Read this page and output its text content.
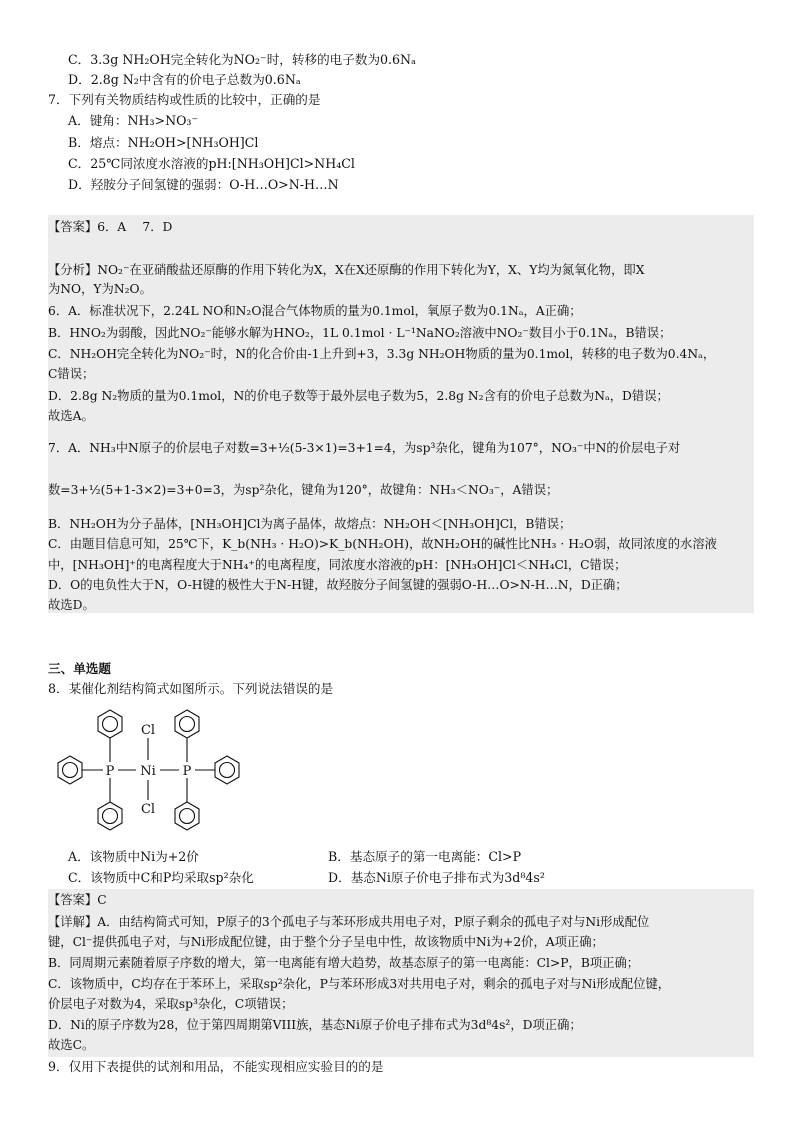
C．3.3g NH₂OH完全转化为NO₂⁻时，转移的电子数为0.6Nₐ
D．2.8g N₂中含有的价电子总数为0.6Nₐ
7．下列有关物质结构或性质的比较中，正确的是
A．键角：NH₃>NO₃⁻
B．熔点：NH₂OH>[NH₃OH]Cl
C．25℃同浓度水溶液的pH:[NH₃OH]Cl>NH₄Cl
D．羟胺分子间氢键的强弱：O-H…O>N-H…N
【答案】6．A　 7．D
【分析】NO₂⁻在亚硝酸盐还原酶的作用下转化为X，X在X还原酶的作用下转化为Y，X、Y均为氮氧化物，即X
为NO，Y为N₂O。
6．A．标准状况下，2.24L NO和N₂O混合气体物质的量为0.1mol，氧原子数为0.1Nₐ，A正确；
B．HNO₂为弱酸，因此NO₂⁻能够水解为HNO₂，1L 0.1mol · L⁻¹NaNO₂溶液中NO₂⁻数目小于0.1Nₐ，B错误；
C．NH₂OH完全转化为NO₂⁻时，N的化合价由-1上升到+3，3.3g NH₂OH物质的量为0.1mol，转移的电子数为0.4Nₐ，
C错误；
D．2.8g N₂物质的量为0.1mol，N的价电子数等于最外层电子数为5，2.8g N₂含有的价电子总数为Nₐ，D错误；
故选A。
7．A．NH₃中N原子的价层电子对数=3+½(5-3×1)=3+1=4，为sp³杂化，键角为107°，NO₃⁻中N的价层电子对
数=3+½(5+1-3×2)=3+0=3，为sp²杂化，键角为120°，故键角：NH₃＜NO₃⁻，A错误；
B．NH₂OH为分子晶体，[NH₃OH]Cl为离子晶体，故熔点：NH₂OH＜[NH₃OH]Cl，B错误；
C．由题目信息可知，25℃下，K_b(NH₃ · H₂O)>K_b(NH₂OH)，故NH₂OH的碱性比NH₃ · H₂O弱，故同浓度的水溶液
中，[NH₃OH]⁺的电离程度大于NH₄⁺的电离程度，同浓度水溶液的pH：[NH₃OH]Cl＜NH₄Cl，C错误；
D．O的电负性大于N，O-H键的极性大于N-H键，故羟胺分子间氢键的强弱O-H…O>N-H…N，D正确；
故选D。
三、单选题
8．某催化剂结构简式如图所示。下列说法错误的是
Cl
P Ni P
Cl
A．该物质中Ni为+2价	B．基态原子的第一电离能：Cl>P
C．该物质中C和P均采取sp²杂化	D．基态Ni原子价电子排布式为3d⁸4s²
【答案】C
【详解】A．由结构简式可知，P原子的3个孤电子与苯环形成共用电子对，P原子剩余的孤电子对与Ni形成配位
键，Cl⁻提供孤电子对，与Ni形成配位键，由于整个分子呈电中性，故该物质中Ni为+2价，A项正确；
B．同周期元素随着原子序数的增大，第一电离能有增大趋势，故基态原子的第一电离能：Cl>P，B项正确；
C．该物质中，C均存在于苯环上，采取sp²杂化，P与苯环形成3对共用电子对，剩余的孤电子对与Ni形成配位键，
价层电子对数为4，采取sp³杂化，C项错误；
D．Ni的原子序数为28，位于第四周期第VIII族，基态Ni原子价电子排布式为3d⁸4s²，D项正确；
故选C。
9．仅用下表提供的试剂和用品，不能实现相应实验目的的是
